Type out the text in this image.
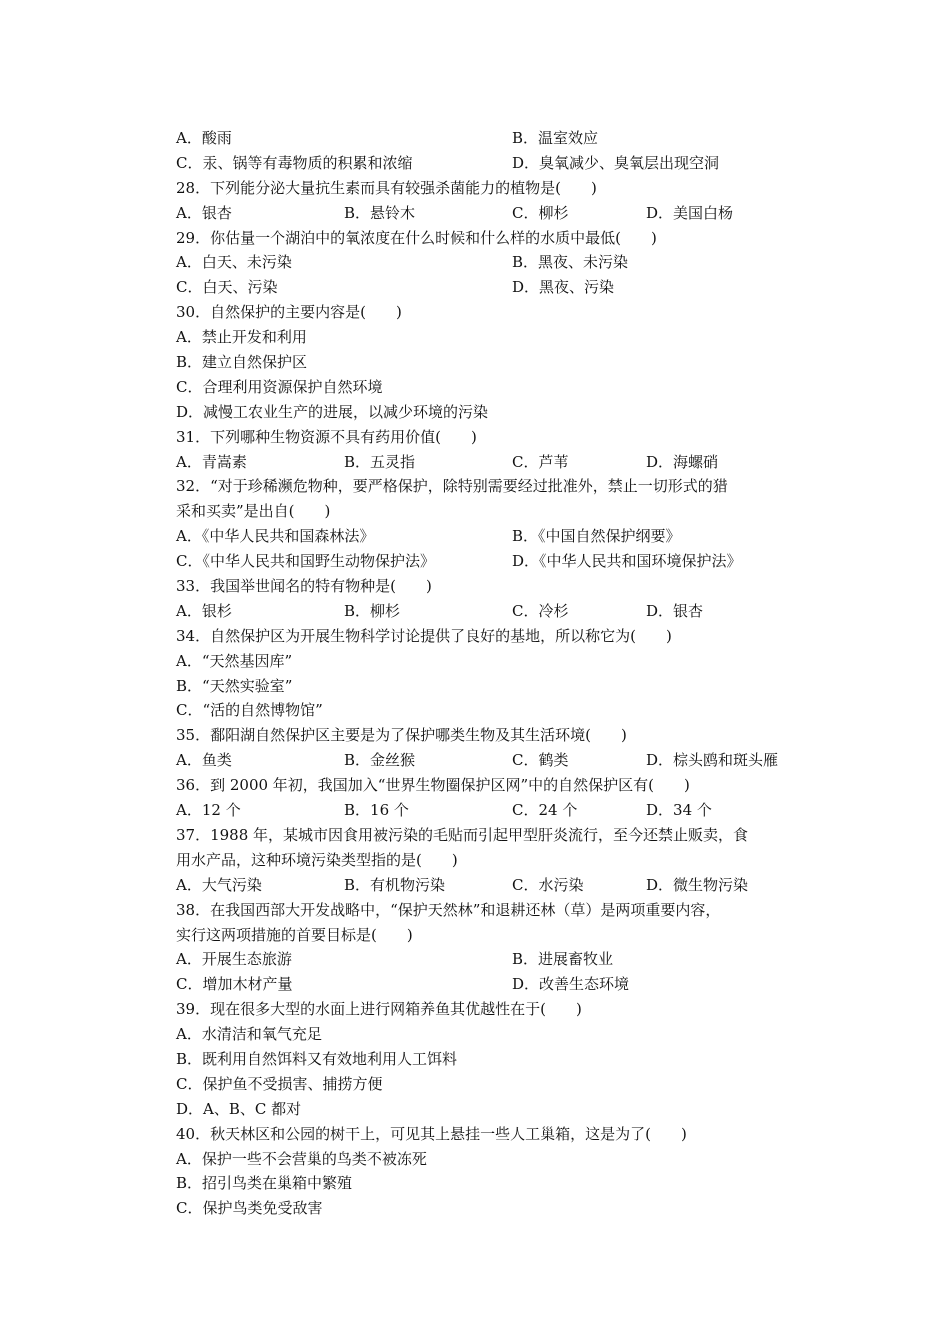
A．酸雨	B．温室效应
C．汞、锅等有毒物质的积累和浓缩	D．臭氧减少、臭氧层出现空洞
28．下列能分泌大量抗生素而具有较强杀菌能力的植物是(　　)
A．银杏	B．悬铃木	C．柳杉	D．美国白杨
29．你估量一个湖泊中的氧浓度在什么时候和什么样的水质中最低(　　)
A．白天、未污染	B．黑夜、未污染
C．白天、污染	D．黑夜、污染
30．自然保护的主要内容是(　　)
A．禁止开发和利用
B．建立自然保护区
C．合理利用资源保护自然环境
D．减慢工农业生产的进展，以减少环境的污染
31．下列哪种生物资源不具有药用价值(　　)
A．青嵩素	B．五灵指	C．芦苇	D．海螺硝
32．“对于珍稀濒危物种，要严格保护，除特别需要经过批准外，禁止一切形式的猎
采和买卖”是出自(　　)
A．《中华人民共和国森林法》	B．《中国自然保护纲要》
C．《中华人民共和国野生动物保护法》	D．《中华人民共和国环境保护法》
33．我国举世闻名的特有物种是(　　)
A．银杉	B．柳杉	C．冷杉	D．银杏
34．自然保护区为开展生物科学讨论提供了良好的基地，所以称它为(　　)
A．“天然基因库”
B．“天然实验室”
C．“活的自然博物馆”
35．鄱阳湖自然保护区主要是为了保护哪类生物及其生活环境(　　)
A．鱼类	B．金丝猴	C．鹤类	D．棕头鸥和斑头雁
36．到 2000 年初，我国加入“世界生物圈保护区网”中的自然保护区有(　　)
A．12 个	B．16 个	C．24 个	D．34 个
37．1988 年，某城市因食用被污染的毛贴而引起甲型肝炎流行，至今还禁止贩卖，食
用水产品，这种环境污染类型指的是(　　)
A．大气污染	B．有机物污染	C．水污染	D．微生物污染
38．在我国西部大开发战略中，“保护天然林”和退耕还林（草）是两项重要内容，
实行这两项措施的首要目标是(　　)
A．开展生态旅游	B．进展畜牧业
C．增加木材产量	D．改善生态环境
39．现在很多大型的水面上进行网箱养鱼其优越性在于(　　)
A．水清洁和氧气充足
B．既利用自然饵料又有效地利用人工饵料
C．保护鱼不受损害、捕捞方便
D．A、B、C 都对
40．秋天林区和公园的树干上，可见其上悬挂一些人工巢箱，这是为了(　　)
A．保护一些不会营巢的鸟类不被冻死
B．招引鸟类在巢箱中繁殖
C．保护鸟类免受敌害
